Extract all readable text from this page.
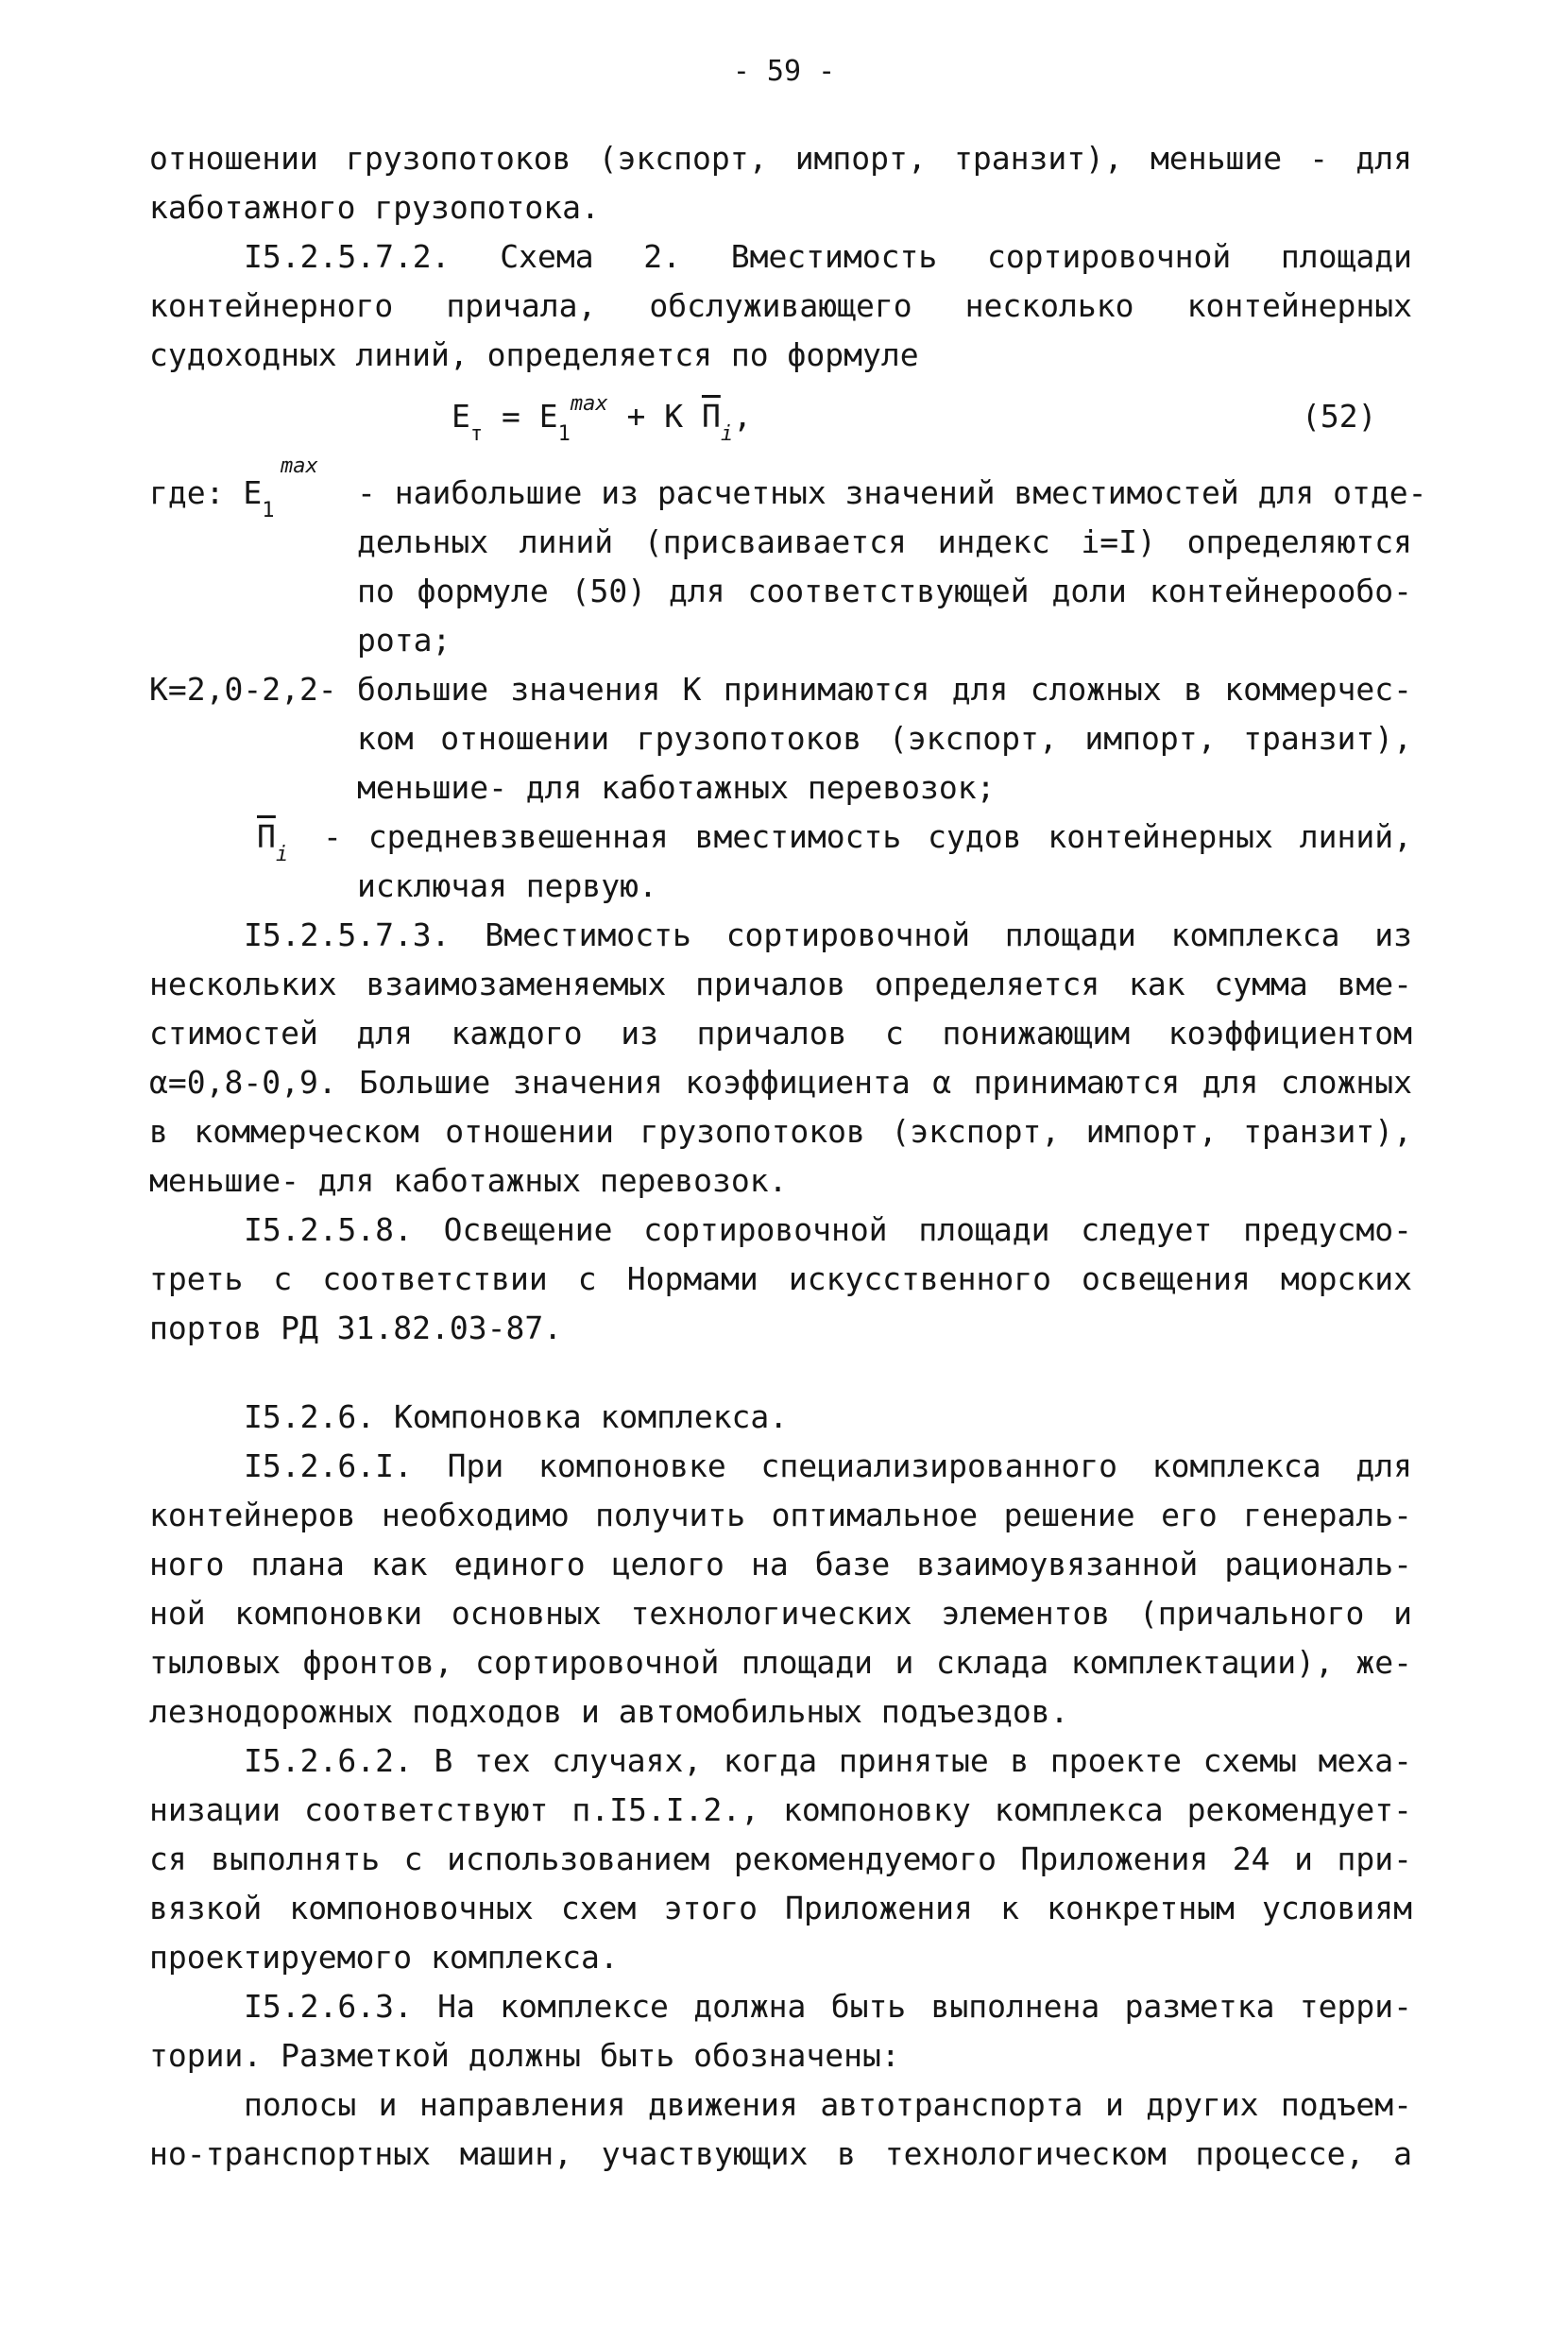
- 59 -
отношении грузопотоков (экспорт, импорт, транзит), меньшие - для
каботажного грузопотока.
I5.2.5.7.2. Схема 2. Вместимость сортировочной площади
контейнерного причала, обслуживающего несколько контейнерных
судоходных линий, определяется по формуле
$E_т = E_1^{max} + K$ $П_i$,	(52)
где: $E_1$
max
- наибольшие из расчетных значений вместимостей для отде-
дельных линий (присваивается индекс i=I) определяются
по формуле (50) для соответствующей доли контейнерообо-
рота;
K=2,0-2,2- большие значения K принимаются для сложных в коммерчес-
ком отношении грузопотоков (экспорт, импорт, транзит),
меньшие- для каботажных перевозок;
$П_i$ - средневзвешенная вместимость судов контейнерных линий,
исключая первую.
I5.2.5.7.3. Вместимость сортировочной площади комплекса из
нескольких взаимозаменяемых причалов определяется как сумма вме-
стимостей для каждого из причалов с понижающим коэффициентом
α=0,8-0,9. Большие значения коэффициента α принимаются для сложных
в коммерческом отношении грузопотоков (экспорт, импорт, транзит),
меньшие- для каботажных перевозок.
I5.2.5.8. Освещение сортировочной площади следует предусмо-
треть с соответствии с Нормами искусственного освещения морских
портов РД 31.82.03-87.
I5.2.6. Компоновка комплекса.
I5.2.6.I. При компоновке специализированного комплекса для
контейнеров необходимо получить оптимальное решение его генераль-
ного плана как единого целого на базе взаимоувязанной рациональ-
ной компоновки основных технологических элементов (причального и
тыловых фронтов, сортировочной площади и склада комплектации), же-
лезнодорожных подходов и автомобильных подъездов.
I5.2.6.2. В тех случаях, когда принятые в проекте схемы меха-
низации соответствуют п.I5.I.2., компоновку комплекса рекомендует-
ся выполнять с использованием рекомендуемого Приложения 24 и при-
вязкой компоновочных схем этого Приложения к конкретным условиям
проектируемого комплекса.
I5.2.6.3. На комплексе должна быть выполнена разметка терри-
тории. Разметкой должны быть обозначены:
полосы и направления движения автотранспорта и других подъем-
но-транспортных машин, участвующих в технологическом процессе, а
